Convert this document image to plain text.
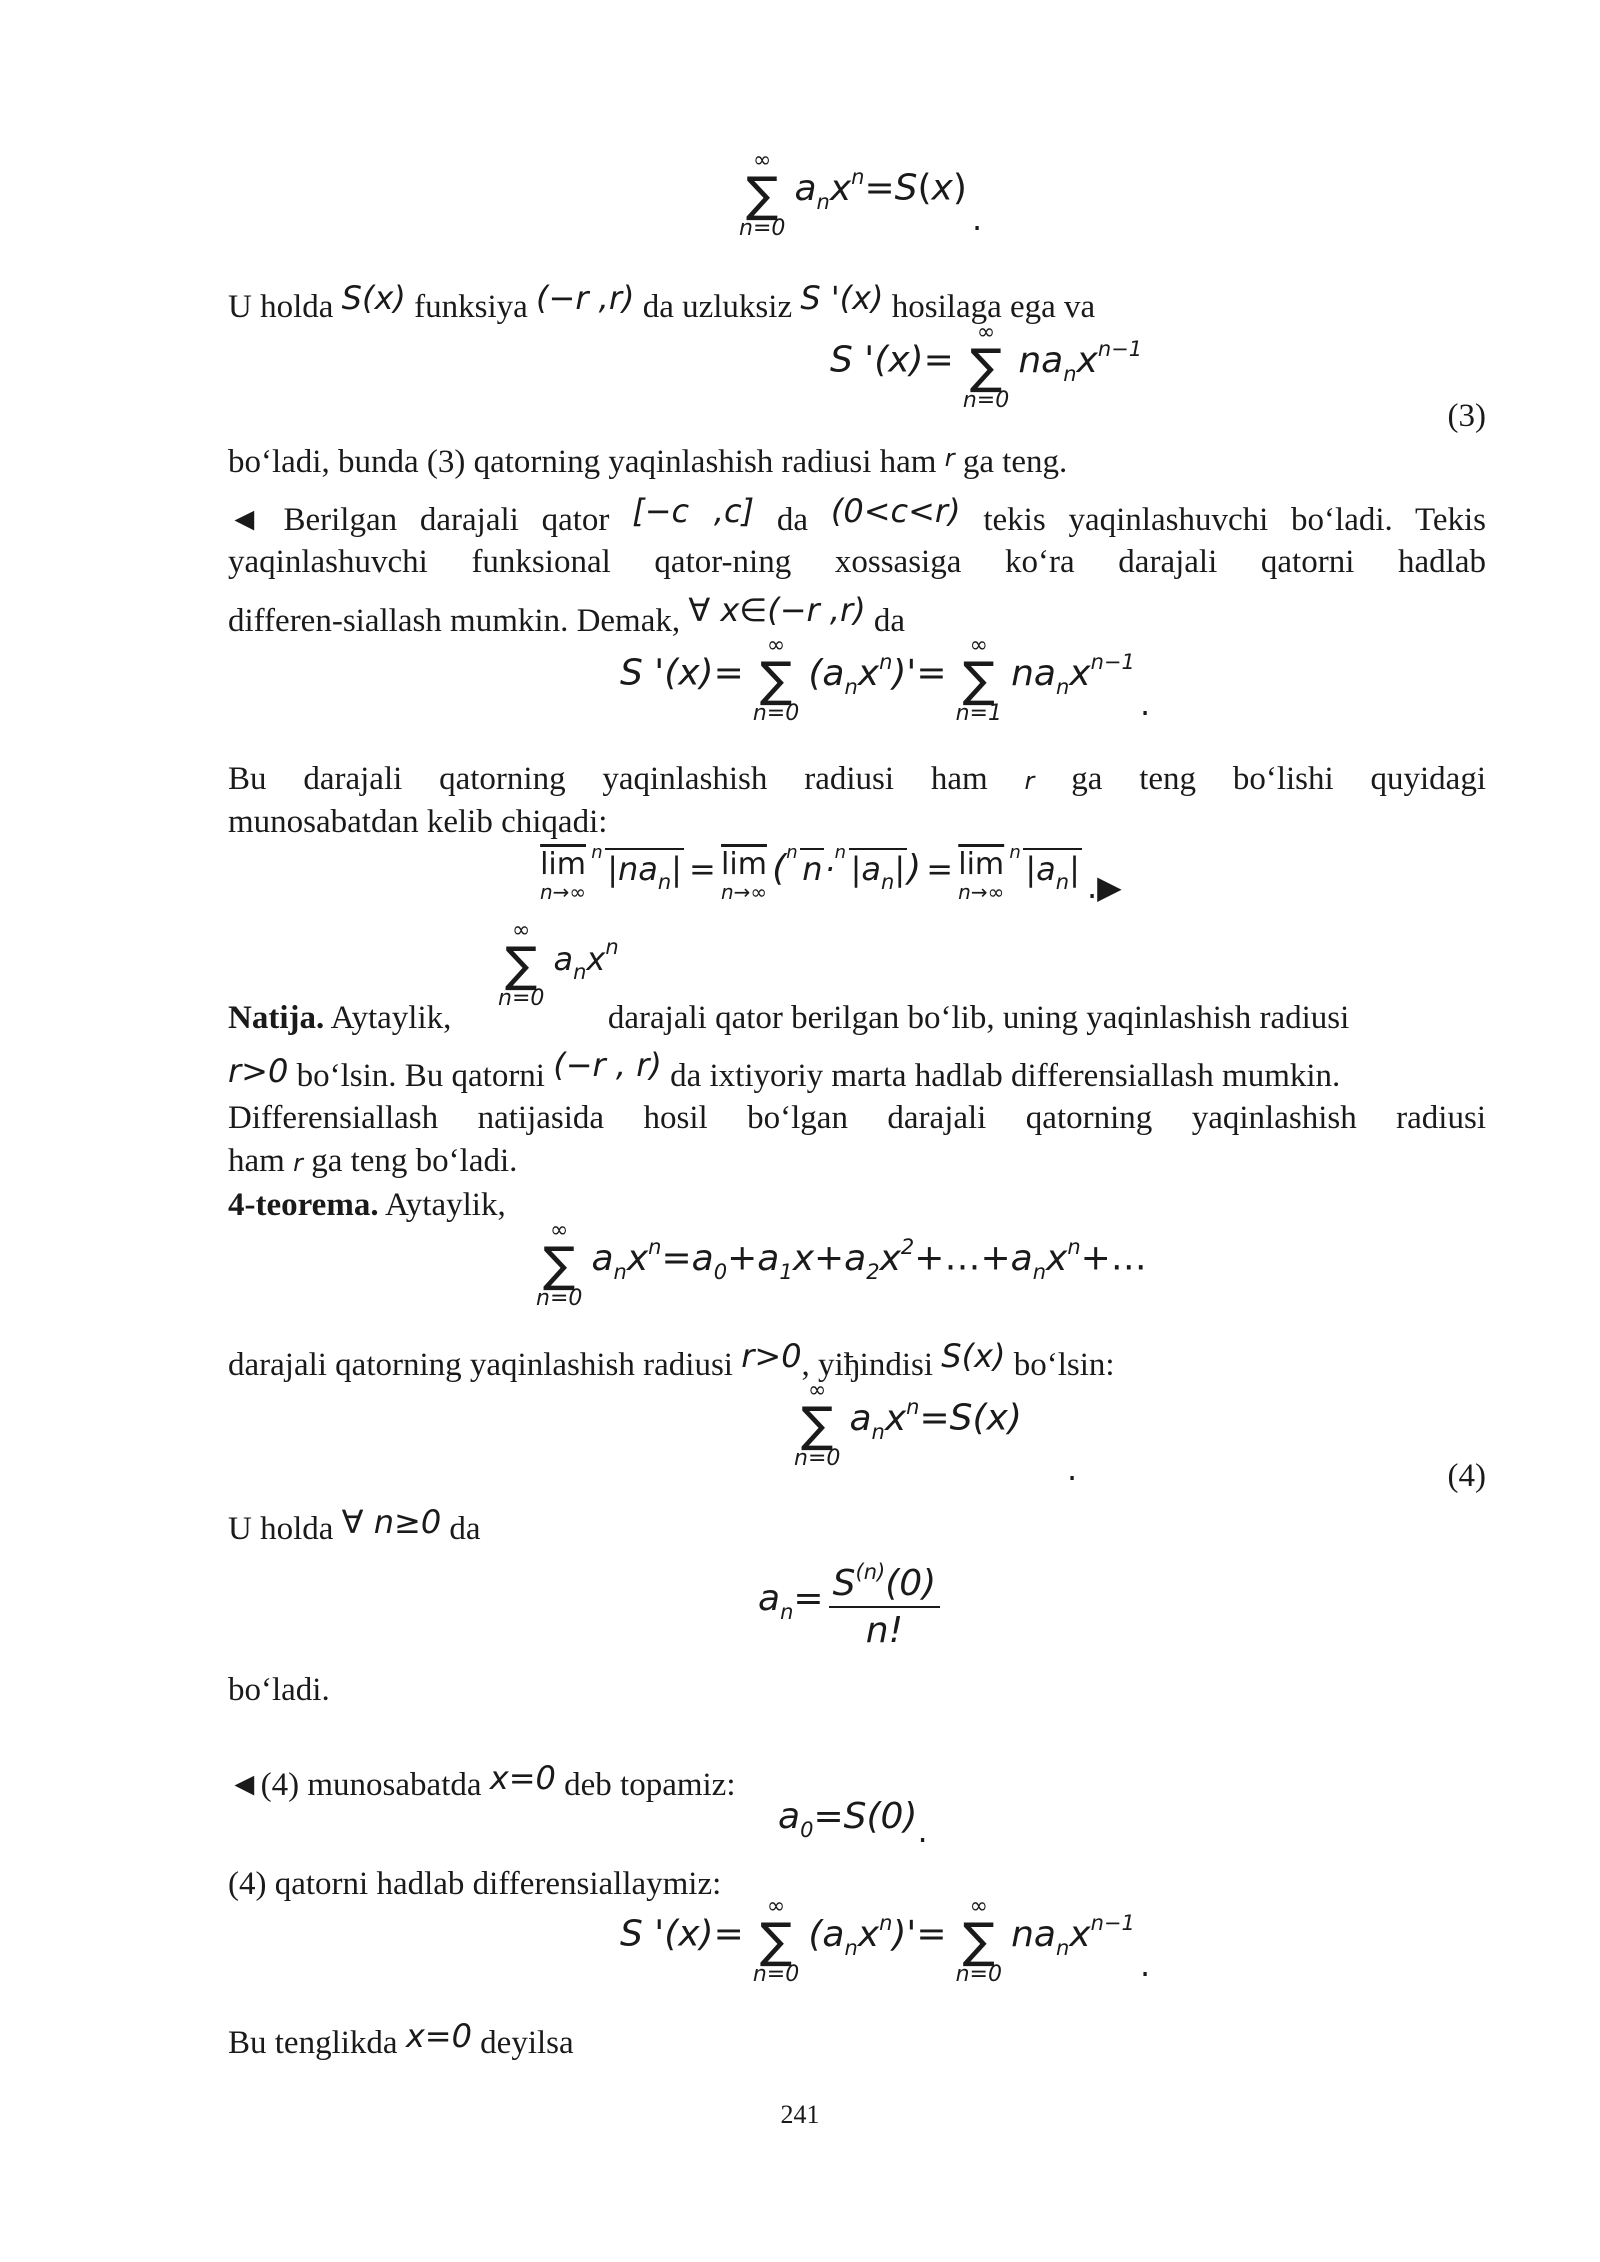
∞
∑
n=0
$a_nx^n=S(x)$ .
U holda S(x) funksiya (−r ,r) da uzluksiz S '(x) hosilaga ega va
S '(x)=
∞
∑
n=0
$na_nx^{n-1}$
(3)
bo‘ladi, bunda (3) qatorning yaqinlashish radiusi ham r ga teng.
◄ Berilgan darajali qator [−c ,c] da (0<c<r) tekis yaqinlashuvchi bo‘ladi. Tekis
yaqinlashuvchi funksional qator-ning xossasiga ko‘ra darajali qatorni hadlab
differen-siallash mumkin. Demak, ∀ x∈(−r ,r) da
S '(x)=
∞
∑
n=0
$(a_nx^n)'=$
∞
∑
n=1
$na_nx^{n-1}$ .
Bu darajali qatorning yaqinlashish radiusi ham r ga teng bo‘lishi quyidagi
munosabatdan kelib chiqadi:
$\overline{lim}$
n→∞

n $|na_n| = \overline{lim}$
n→∞
( n n· n $|a_n|) = \overline{lim}$
n→∞

n $|a_n|$ .▶
∞
∑
n=0
$a_nx^n$
Natija. Aytaylik,	darajali qator berilgan bo‘lib, uning yaqinlashish radiusi
r>0 bo‘lsin. Bu qatorni (−r , r) da ixtiyoriy marta hadlab differensiallash mumkin.
Differensiallash natijasida hosil bo‘lgan darajali qatorning yaqinlashish radiusi
ham r ga teng bo‘ladi.
4-teorema. Aytaylik,
∞
∑
n=0
$a_nx^n=a_0+a_1x+a_2x^2+\dots+a_nx^n+\dots$
darajali qatorning yaqinlashish radiusi r>0, yiђindisi S(x) bo‘lsin:
∞
∑
n=0
$a_nx^n=S(x)$ .	(4)
U holda ∀ n≥0 da
$a_n= \frac{S^{(n)}(0)}{n!}$
bo‘ladi.
◄(4) munosabatda x=0 deb topamiz:
$a_0=S(0)$.
(4) qatorni hadlab differensiallaymiz:
S '(x)=
∞
∑
n=0
$(a_nx^n)'=$
∞
∑
n=0
$na_nx^{n-1}$ .
Bu tenglikda x=0 deyilsa
241
